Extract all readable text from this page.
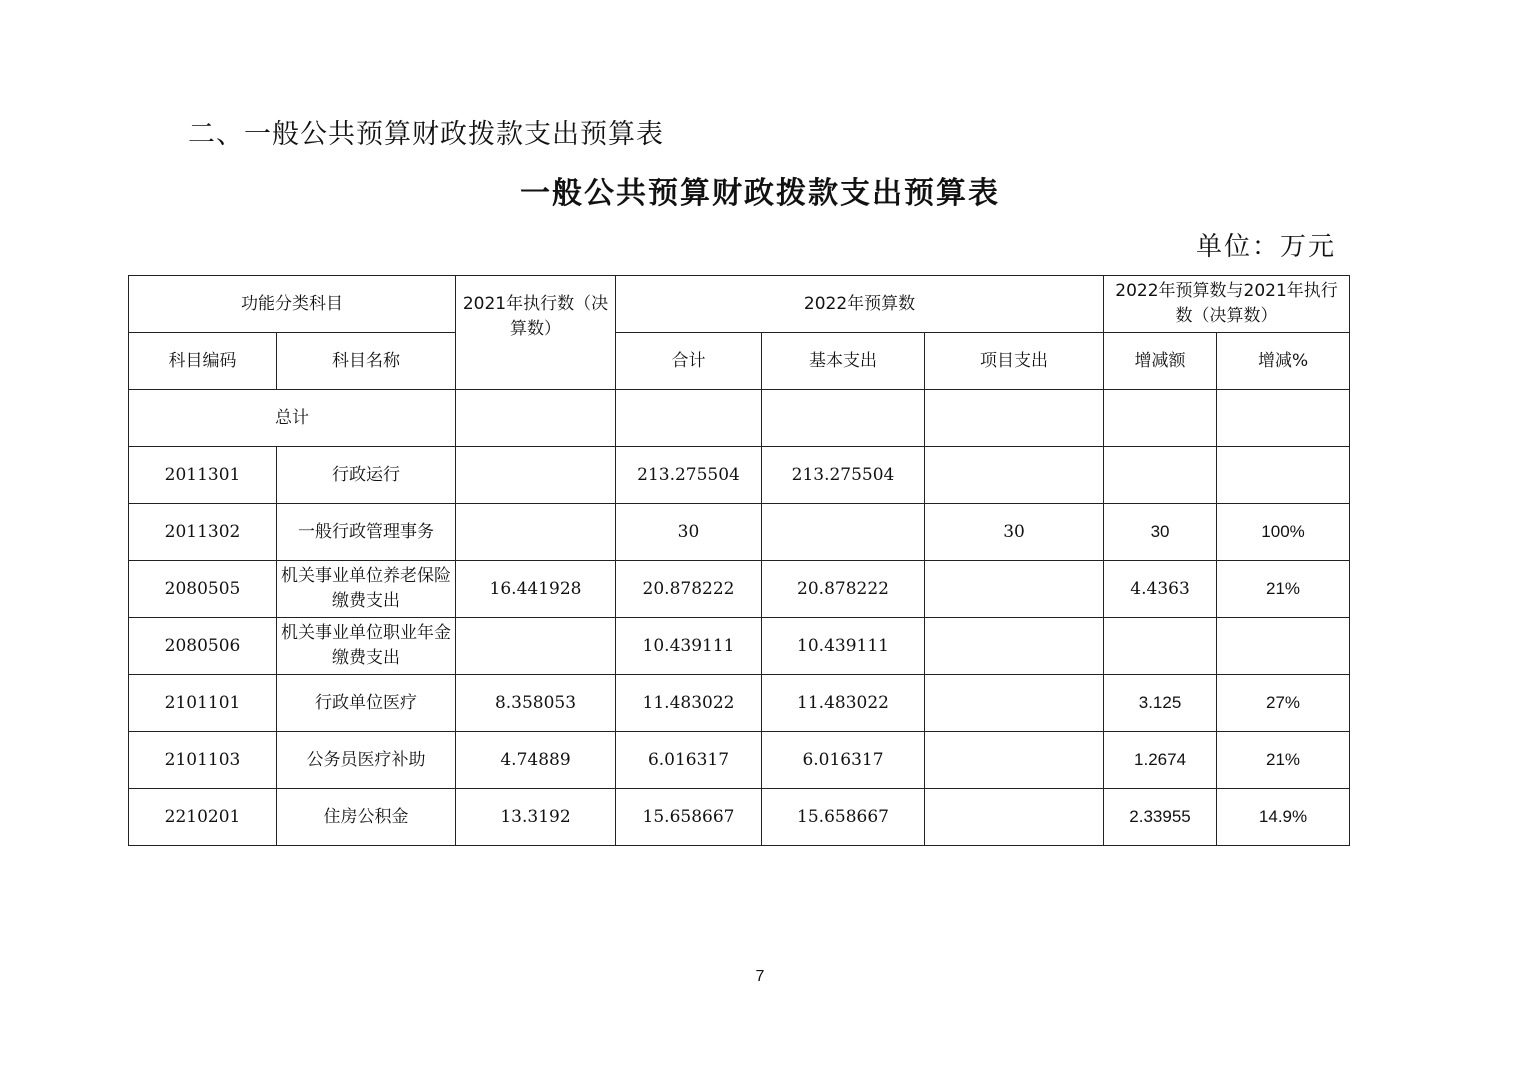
二、一般公共预算财政拨款支出预算表
一般公共预算财政拨款支出预算表
单位：万元
功能分类科目		2021年执行数（决算数）	2022年预算数			2022年预算数与2021年执行数（决算数）	
科目编码	科目名称		合计	基本支出	项目支出	增减额	增减%
总计							
2011301	行政运行		213.275504	213.275504			
2011302	一般行政管理事务		30		30	30	100%
2080505	机关事业单位养老保险缴费支出	16.441928	20.878222	20.878222		4.4363	21%
2080506	机关事业单位职业年金缴费支出		10.439111	10.439111			
2101101	行政单位医疗	8.358053	11.483022	11.483022		3.125	27%
2101103	公务员医疗补助	4.74889	6.016317	6.016317		1.2674	21%
2210201	住房公积金	13.3192	15.658667	15.658667		2.33955	14.9%
7
